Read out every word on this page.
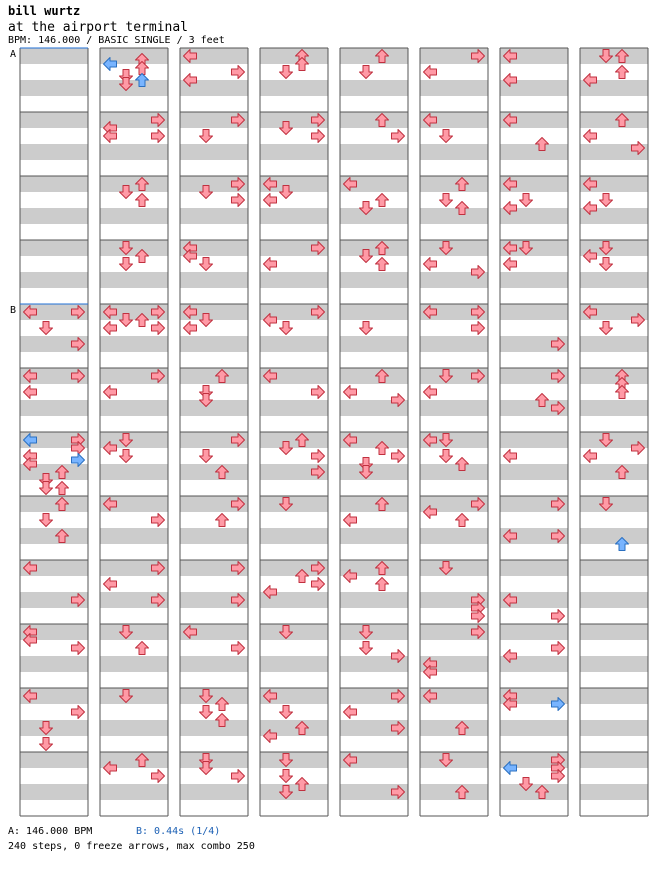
bill wurtz
at the airport terminal
BPM: 146.000 / BASIC SINGLE / 3 feet
A
B
A: 146.000 BPM	B: 0.44s (1/4)
240 steps, 0 freeze arrows, max combo 250
